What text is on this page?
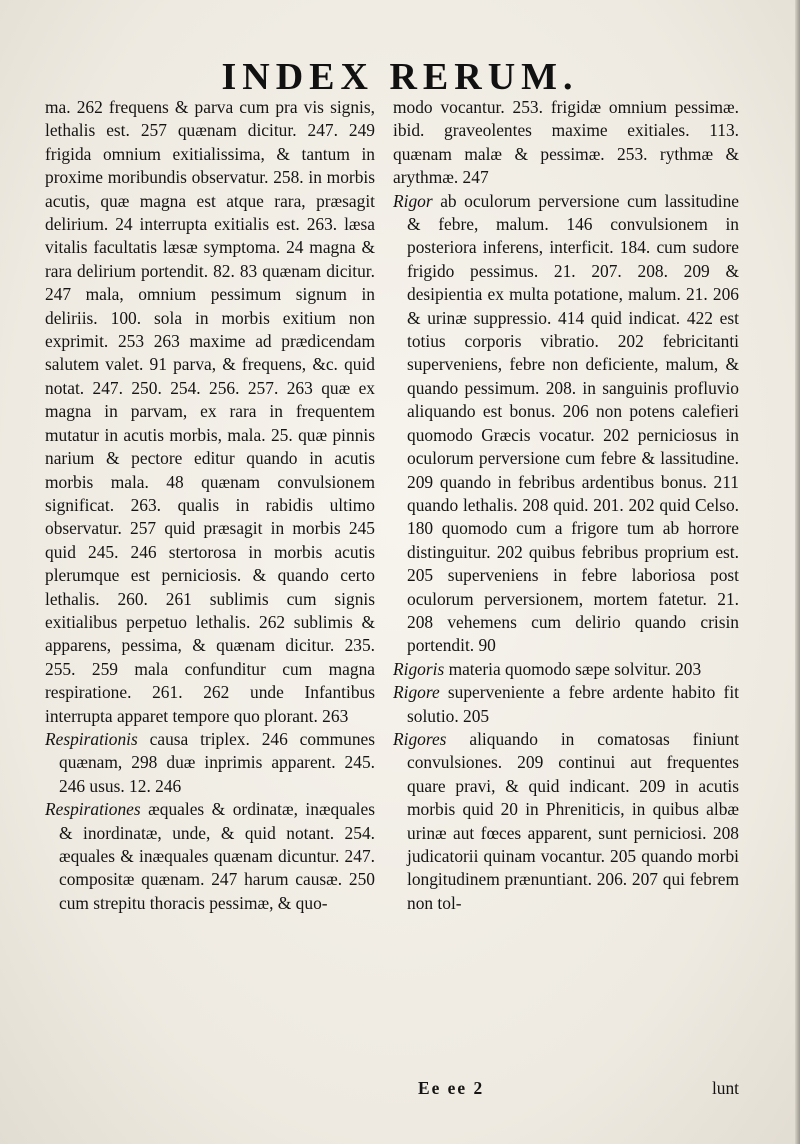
INDEX RERUM.

ma. 262 frequens & parva cum pra vis signis, lethalis est. 257 quænam dicitur. 247. 249 frigida omnium exitialissima, & tantum in proxime moribundis observatur. 258. in morbis acutis, quæ magna est atque rara, præsagit delirium. 24 interrupta exitialis est. 263. læsa vitalis facultatis læsæ symptoma. 24 magna & rara delirium portendit. 82. 83 quænam dicitur. 247 mala, omnium pessimum signum in deliriis. 100. sola in morbis exitium non exprimit. 253 263 maxime ad prædicendam salutem valet. 91 parva, & frequens, &c. quid notat. 247. 250. 254. 256. 257. 263 quæ ex magna in parvam, ex rara in frequentem mutatur in acutis morbis, mala. 25. quæ pinnis narium & pectore editur quando in acutis morbis mala. 48 quænam convulsionem significat. 263. qualis in rabidis ultimo observatur. 257 quid præsagit in morbis 245 quid 245. 246 stertorosa in morbis acutis plerumque est perniciosis. & quando certo lethalis. 260. 261 sublimis cum signis exitialibus perpetuo lethalis. 262 sublimis & apparens, pessima, & quænam dicitur. 235. 255. 259 mala confunditur cum magna respiratione. 261. 262 unde Infantibus interrupta apparet tempore quo plorant. 263

Respirationis causa triplex. 246 communes quænam, 298 duæ inprimis apparent. 245. 246 usus. 12. 246

Respirationes æquales & ordinatæ, inæquales & inordinatæ, unde, & quid notant. 254. æquales & inæquales quænam dicuntur. 247. compositæ quænam. 247 harum causæ. 250 cum strepitu thoracis pessimæ, & quo-

modo vocantur. 253. frigidæ omnium pessimæ. ibid. graveolentes maxime exitiales. 113. quænam malæ & pessimæ. 253. rythmæ & arythmæ. 247

Rigor ab oculorum perversione cum lassitudine & febre, malum. 146 convulsionem in posteriora inferens, interficit. 184. cum sudore frigido pessimus. 21. 207. 208. 209 & desipientia ex multa potatione, malum. 21. 206 & urinæ suppressio. 414 quid indicat. 422 est totius corporis vibratio. 202 febricitanti superveniens, febre non deficiente, malum, & quando pessimum. 208. in sanguinis profluvio aliquando est bonus. 206 non potens calefieri quomodo Græcis vocatur. 202 perniciosus in oculorum perversione cum febre & lassitudine. 209 quando in febribus ardentibus bonus. 211 quando lethalis. 208 quid. 201. 202 quid Celso. 180 quomodo cum a frigore tum ab horrore distinguitur. 202 quibus febribus proprium est. 205 superveniens in febre laboriosa post oculorum perversionem, mortem fatetur. 21. 208 vehemens cum delirio quando crisin portendit. 90

Rigoris materia quomodo sæpe solvitur. 203

Rigore superveniente a febre ardente habito fit solutio. 205

Rigores aliquando in comatosas finiunt convulsiones. 209 continui aut frequentes quare pravi, & quid indicant. 209 in acutis morbis quid 20 in Phreniticis, in quibus albæ urinæ aut fœces apparent, sunt perniciosi. 208 judicatorii quinam vocantur. 205 quando morbi longitudinem prænuntiant. 206. 207 qui febrem non tol-

Ee ee 2	lunt
